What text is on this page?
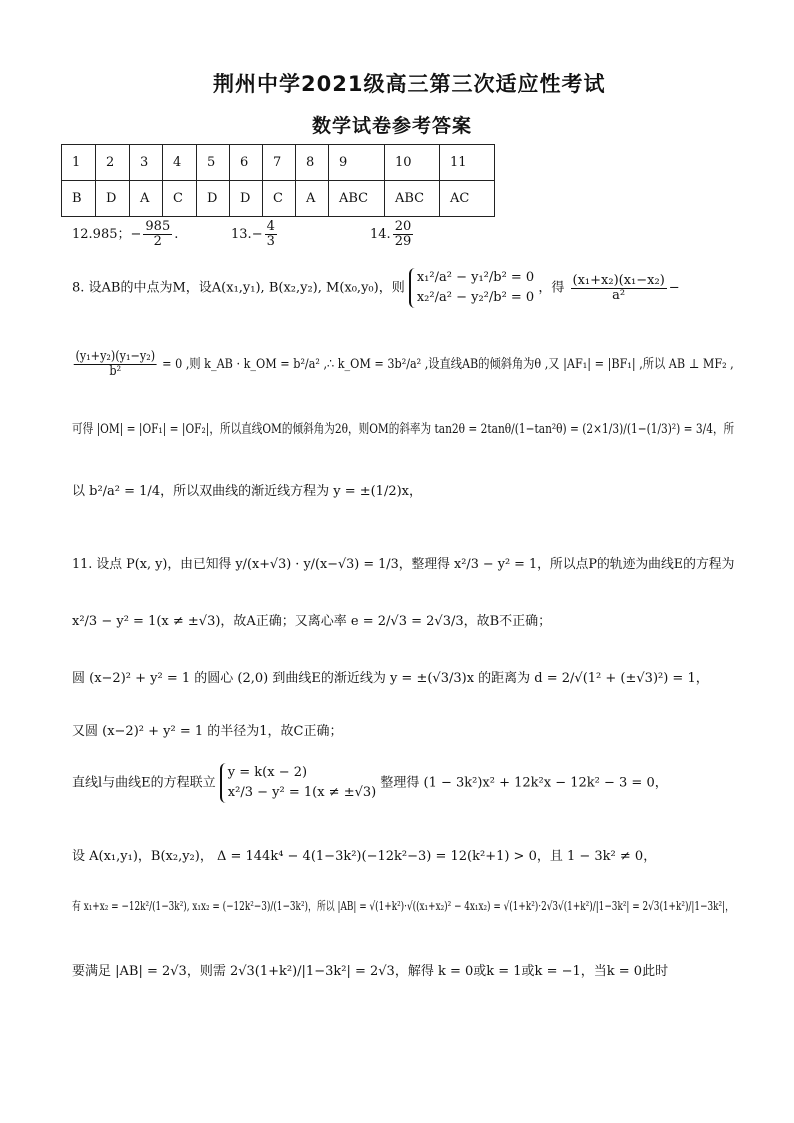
荆州中学2021级高三第三次适应性考试
数学试卷参考答案
1	2	3	4	5	6	7	8	9	10	11
B	D	A	C	D	D	C	A	ABC	ABC	AC
12.985；− $\frac{985}{2}$ .	$13.- \frac{4}{3}$	14. $\frac{20}{29}$
8. 设AB的中点为M，设A(x₁,y₁), B(x₂,y₂), M(x₀,y₀)，则
x₁²/a² − y₁²/b² = 0
x₂²/a² − y₂²/b² = 0
，得 $\frac{\text{(x₁+x₂)(x₁−x₂)}}{\text{a²}}$ −
$\frac{\text{(y₁+y₂)(y₁−y₂)}}{\text{b²}} = 0$ ,则 k_AB · k_OM = b²/a² ,∴ k_OM = 3b²/a² ,设直线AB的倾斜角为θ ,又 |AF₁| = |BF₁| ,所以 AB ⊥ MF₂ ,
可得 |OM| = |OF₁| = |OF₂|，所以直线OM的倾斜角为2θ，则OM的斜率为 tan2θ = 2tanθ/(1−tan²θ) = (2×1/3)/(1−(1/3)²) = 3/4，所
以 b²/a² = 1/4，所以双曲线的渐近线方程为 y = ±(1/2)x，
11. 设点 P(x, y)，由已知得 y/(x+√3) · y/(x−√3) = 1/3，整理得 x²/3 − y² = 1，所以点P的轨迹为曲线E的方程为
x²/3 − y² = 1(x ≠ ±√3)，故A正确；又离心率 e = 2/√3 = 2√3/3，故B不正确；
圆 (x−2)² + y² = 1 的圆心 (2,0) 到曲线E的渐近线为 y = ±(√3/3)x 的距离为 d = 2/√(1² + (±√3)²) = 1，
又圆 (x−2)² + y² = 1 的半径为1，故C正确；
直线l与曲线E的方程联立
y = k(x − 2)
x²/3 − y² = 1(x ≠ ±√3)
整理得 (1 − 3k²)x² + 12k²x − 12k² − 3 = 0，
设 A(x₁,y₁)，B(x₂,y₂)， Δ = 144k⁴ − 4(1−3k²)(−12k²−3) = 12(k²+1) > 0，且 1 − 3k² ≠ 0，
有 x₁+x₂ = −12k²/(1−3k²), x₁x₂ = (−12k²−3)/(1−3k²)，所以 |AB| = √(1+k²)·√((x₁+x₂)² − 4x₁x₂) = √(1+k²)·2√3√(1+k²)/|1−3k²| = 2√3(1+k²)/|1−3k²|，
要满足 |AB| = 2√3，则需 2√3(1+k²)/|1−3k²| = 2√3，解得 k = 0或k = 1或k = −1，当k = 0此时
